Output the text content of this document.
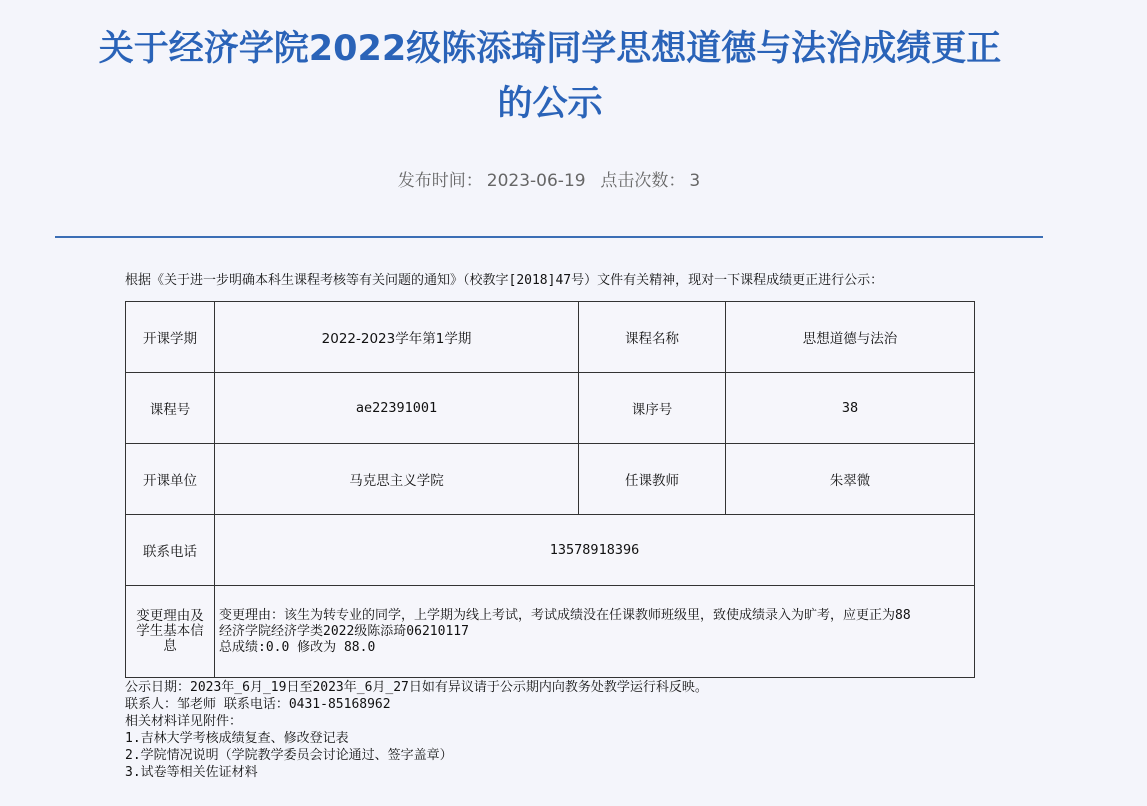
关于经济学院2022级陈添琦同学思想道德与法治成绩更正
的公示
发布时间： 2023-06-19 点击次数： 3

根据《关于进一步明确本科生课程考核等有关问题的通知》（校教字[2018]47号）文件有关精神，现对一下课程成绩更正进行公示：

开课学期	2022-2023学年第1学期	课程名称	思想道德与法治
课程号	ae22391001	课序号	38
开课单位	马克思主义学院	任课教师	朱翠微
联系电话	13578918396		
变更理由及学生基本信息	变更理由：该生为转专业的同学，上学期为线上考试，考试成绩没在任课教师班级里，致使成绩录入为旷考，应更正为88
经济学院经济学类2022级陈添琦06210117
总成绩:0.0 修改为 88.0		
公示日期：2023年_6月_19日至2023年_6月_27日如有异议请于公示期内向教务处教学运行科反映。
联系人：邹老师 联系电话：0431-85168962
相关材料详见附件：
1.吉林大学考核成绩复查、修改登记表
2.学院情况说明（学院教学委员会讨论通过、签字盖章）
3.试卷等相关佐证材料
